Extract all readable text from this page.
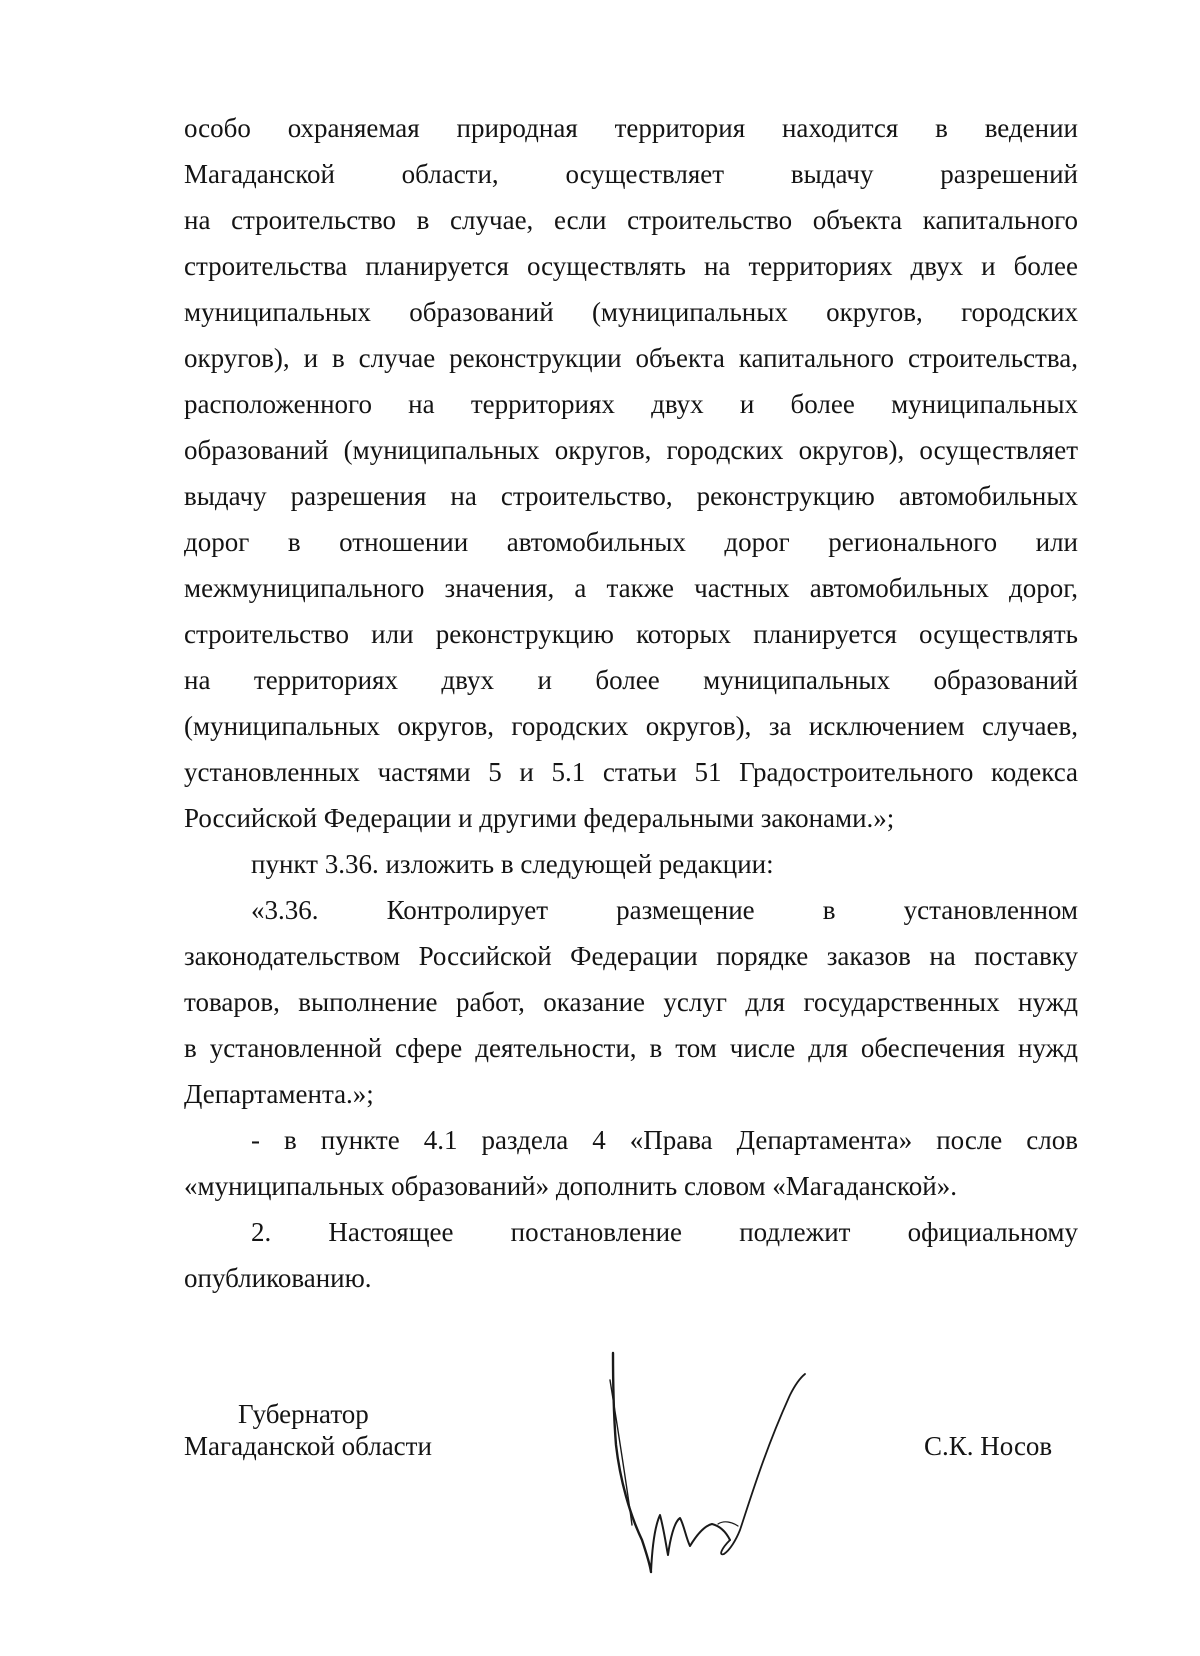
особо охраняемая природная территория находится в ведении
Магаданской области, осуществляет выдачу разрешений
на строительство в случае, если строительство объекта капитального
строительства планируется осуществлять на территориях двух и более
муниципальных образований (муниципальных округов, городских
округов), и в случае реконструкции объекта капитального строительства,
расположенного на территориях двух и более муниципальных
образований (муниципальных округов, городских округов), осуществляет
выдачу разрешения на строительство, реконструкцию автомобильных
дорог в отношении автомобильных дорог регионального или
межмуниципального значения, а также частных автомобильных дорог,
строительство или реконструкцию которых планируется осуществлять
на территориях двух и более муниципальных образований
(муниципальных округов, городских округов), за исключением случаев,
установленных частями 5 и 5.1 статьи 51 Градостроительного кодекса
Российской Федерации и другими федеральными законами.»;
пункт 3.36. изложить в следующей редакции:
«3.36. Контролирует размещение в установленном
законодательством Российской Федерации порядке заказов на поставку
товаров, выполнение работ, оказание услуг для государственных нужд
в установленной сфере деятельности, в том числе для обеспечения нужд
Департамента.»;
- в пункте 4.1 раздела 4 «Права Департамента» после слов
«муниципальных образований» дополнить словом «Магаданской».
2. Настоящее постановление подлежит официальному
опубликованию.
Губернатор
Магаданской области	С.К. Носов
